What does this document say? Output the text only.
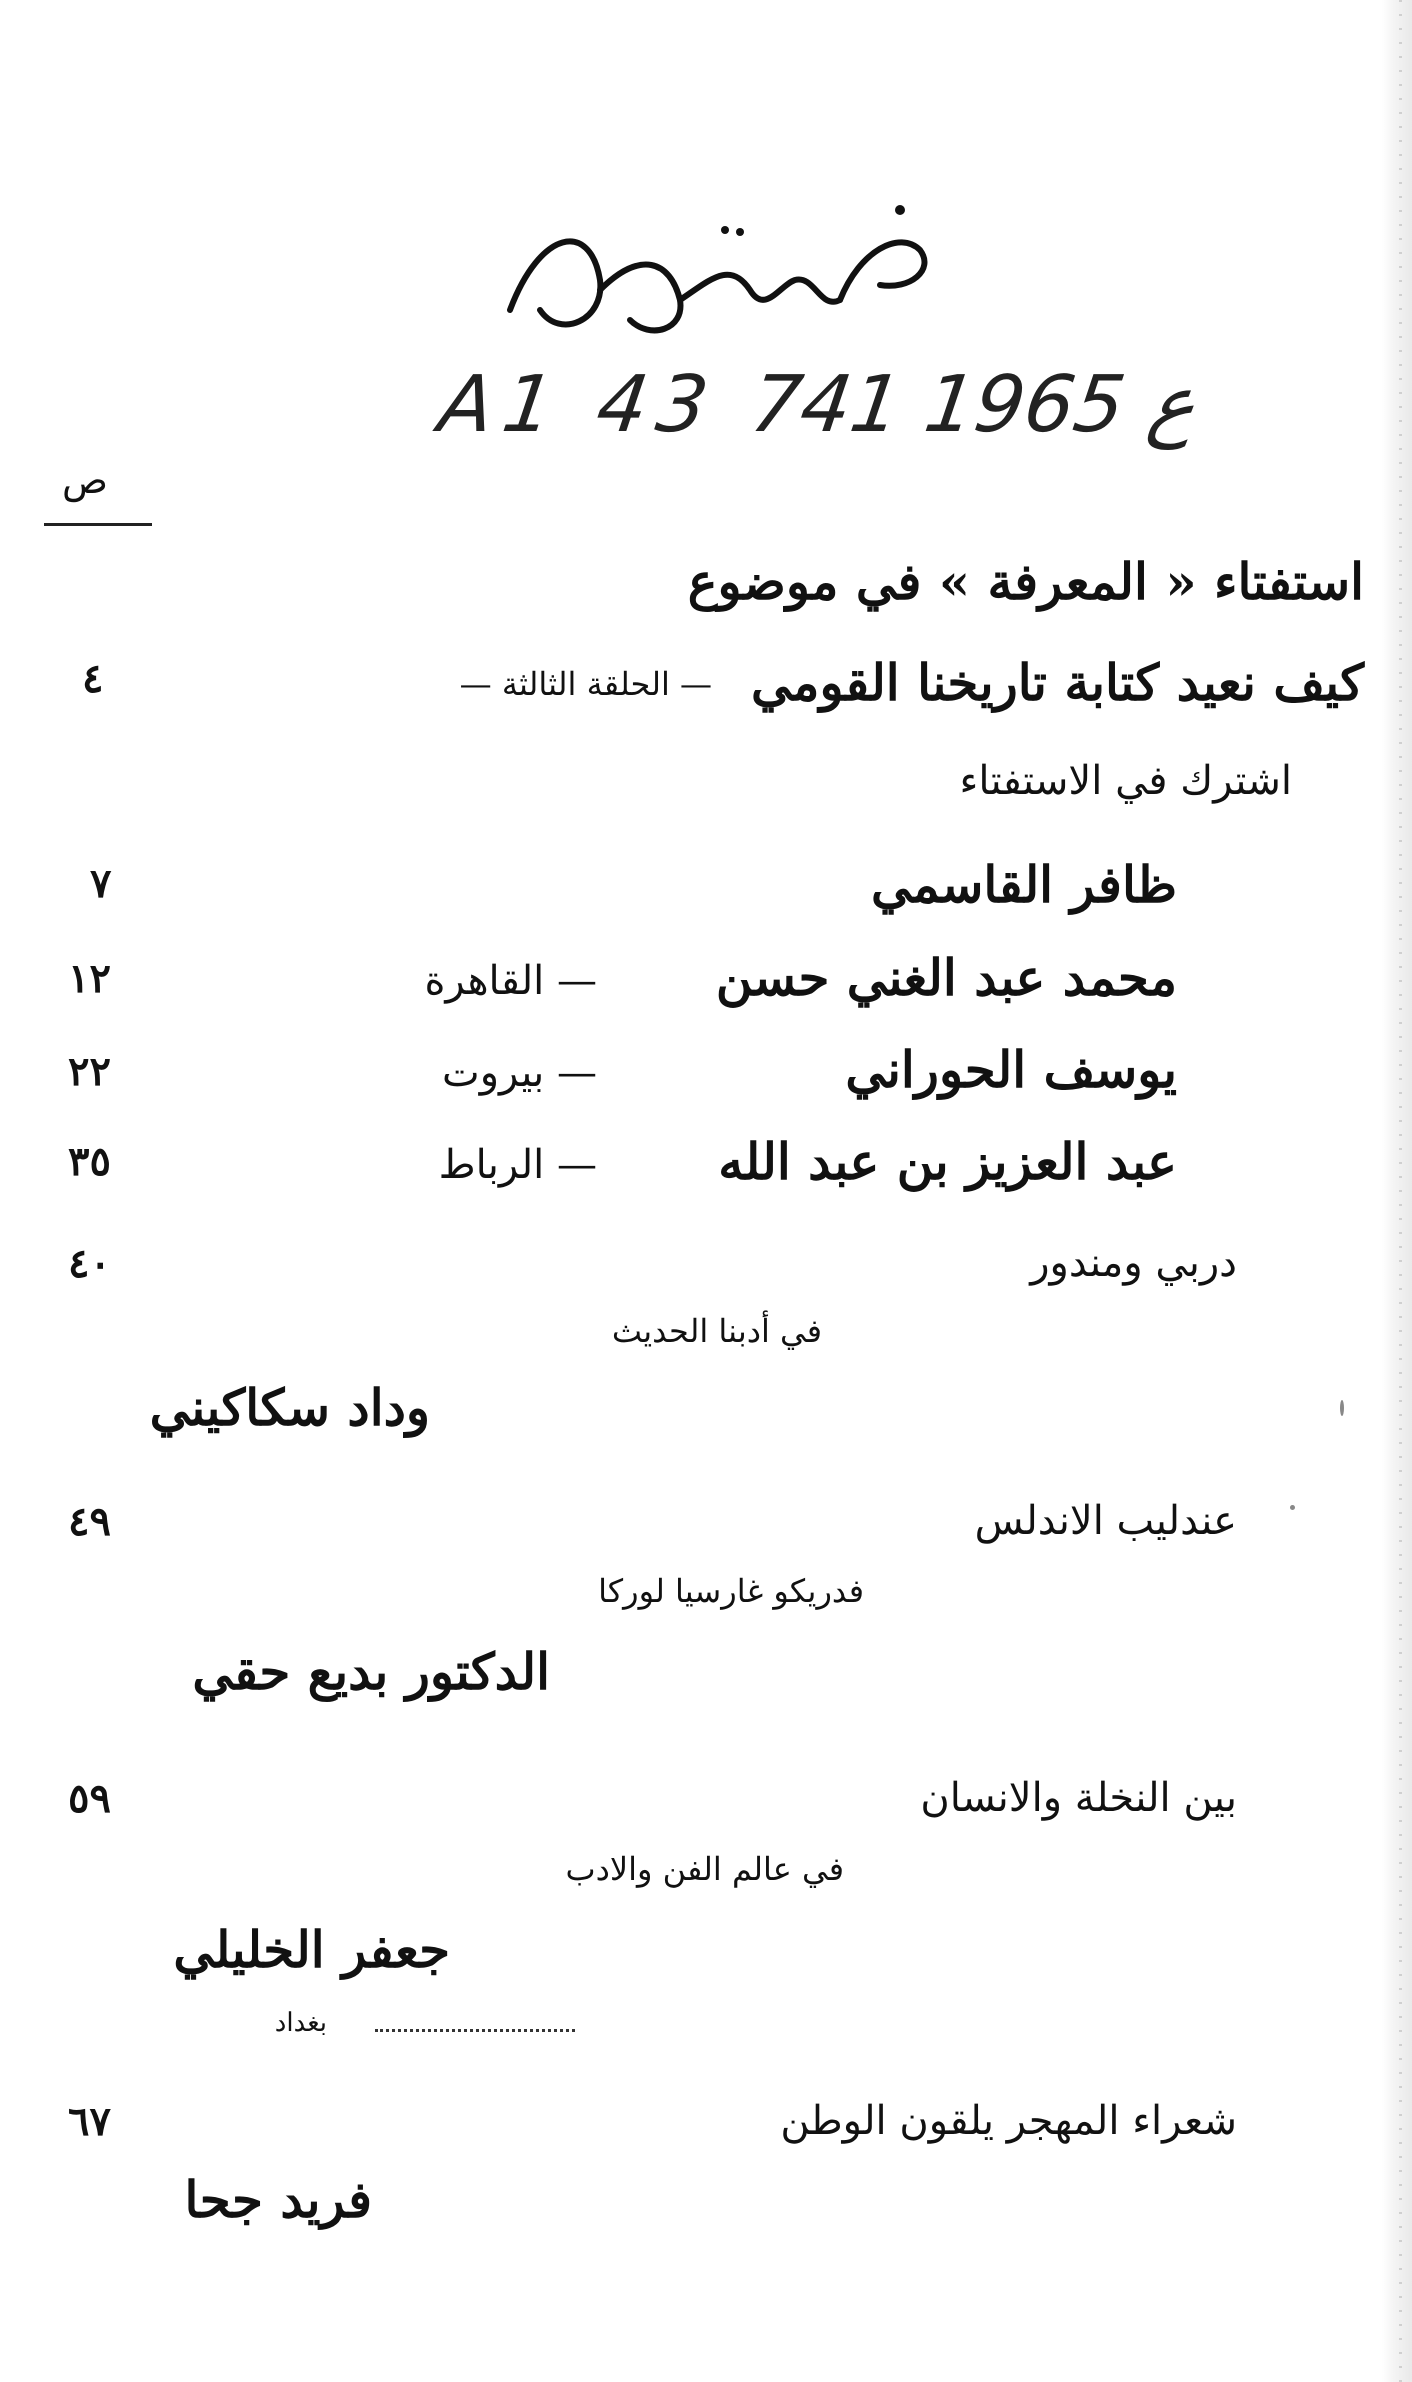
A1 43 ع 1965 741
ص
استفتاء « المعرفة » في موضوع
كيف نعيد كتابة تاريخنا القومي
— الحلقة الثالثة —
٤
اشترك في الاستفتاء
ظافر القاسمي
٧
محمد عبد الغني حسن
— القاهرة
١٢
يوسف الحوراني
— بيروت
٢٢
عبد العزيز بن عبد الله
— الرباط
٣٥
دربي ومندور
٤٠
في أدبنا الحديث
وداد سكاكيني
عندليب الاندلس
٤٩
فدريكو غارسيا لوركا
الدكتور بديع حقي
بين النخلة والانسان
٥٩
في عالم الفن والادب
جعفر الخليلي
بغداد
شعراء المهجر يلقون الوطن
٦٧
فريد جحا
